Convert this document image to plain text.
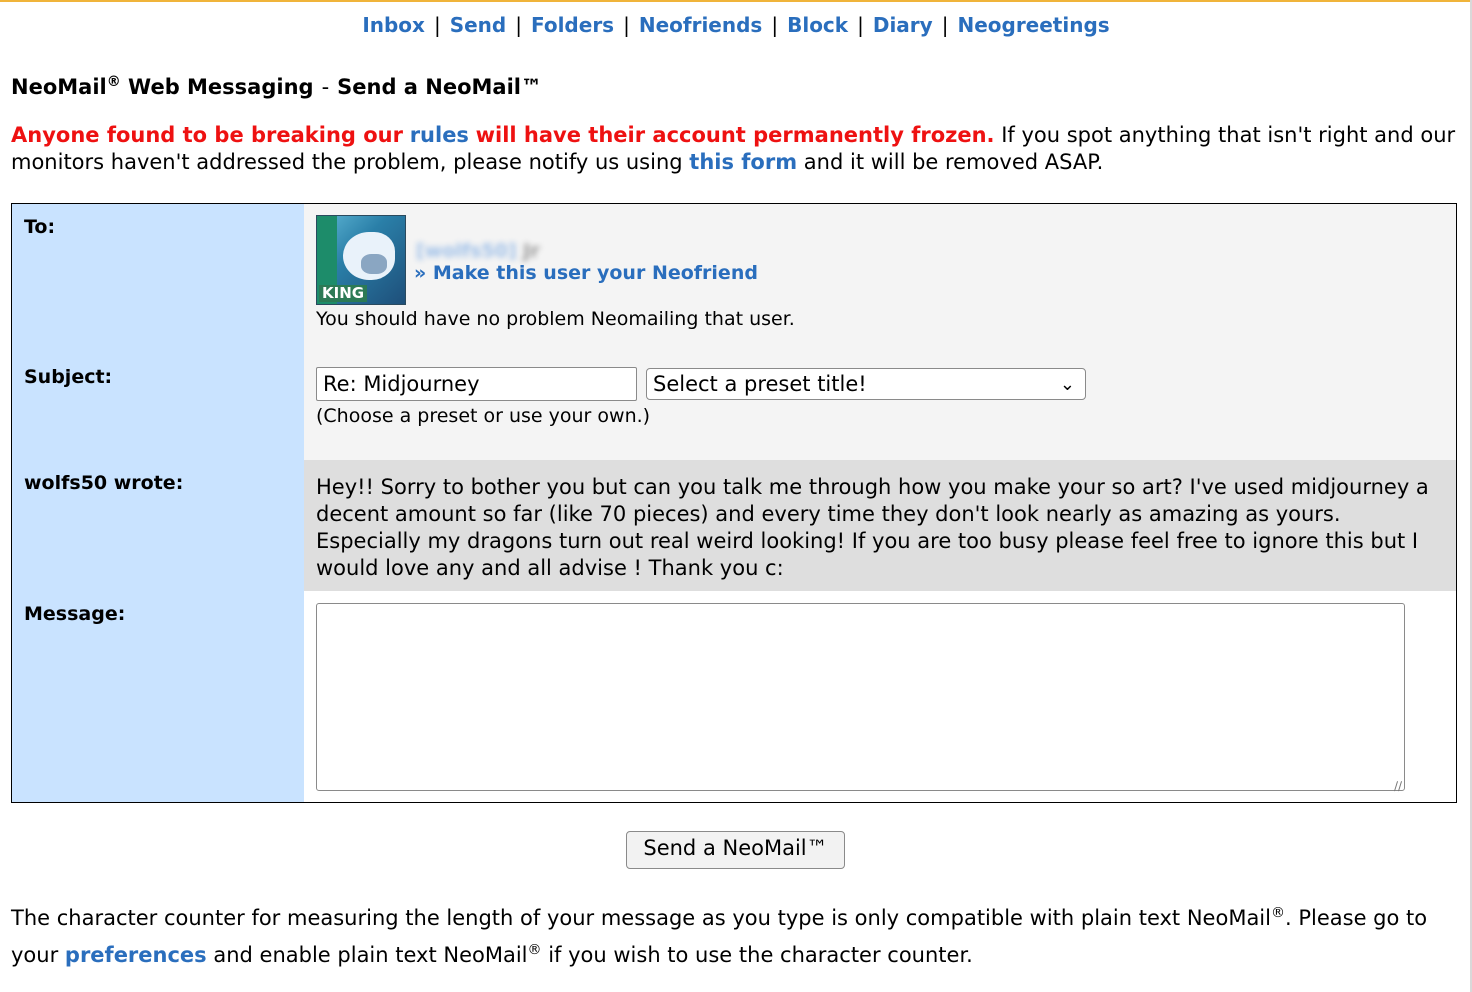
Inbox | Send | Folders | Neofriends | Block | Diary | Neogreetings
NeoMail® Web Messaging - Send a NeoMail™
Anyone found to be breaking our rules will have their account permanently frozen. If you spot anything that isn't right and our monitors haven't addressed the problem, please notify us using this form and it will be removed ASAP.
To:
KING
[wolfs50] Jr
» Make this user your Neofriend
You should have no problem Neomailing that user.
Subject:
Re: Midjourney	Select a preset title!	⌄
(Choose a preset or use your own.)
wolfs50 wrote:	Hey!! Sorry to bother you but can you talk me through how you make your so art? I've used midjourney a decent amount so far (like 70 pieces) and every time they don't look nearly as amazing as yours. Especially my dragons turn out real weird looking! If you are too busy please feel free to ignore this but I would love any and all advise ! Thank you c:
Message:
∕∕
Send a NeoMail™
The character counter for measuring the length of your message as you type is only compatible with plain text NeoMail®. Please go to your preferences and enable plain text NeoMail® if you wish to use the character counter.
